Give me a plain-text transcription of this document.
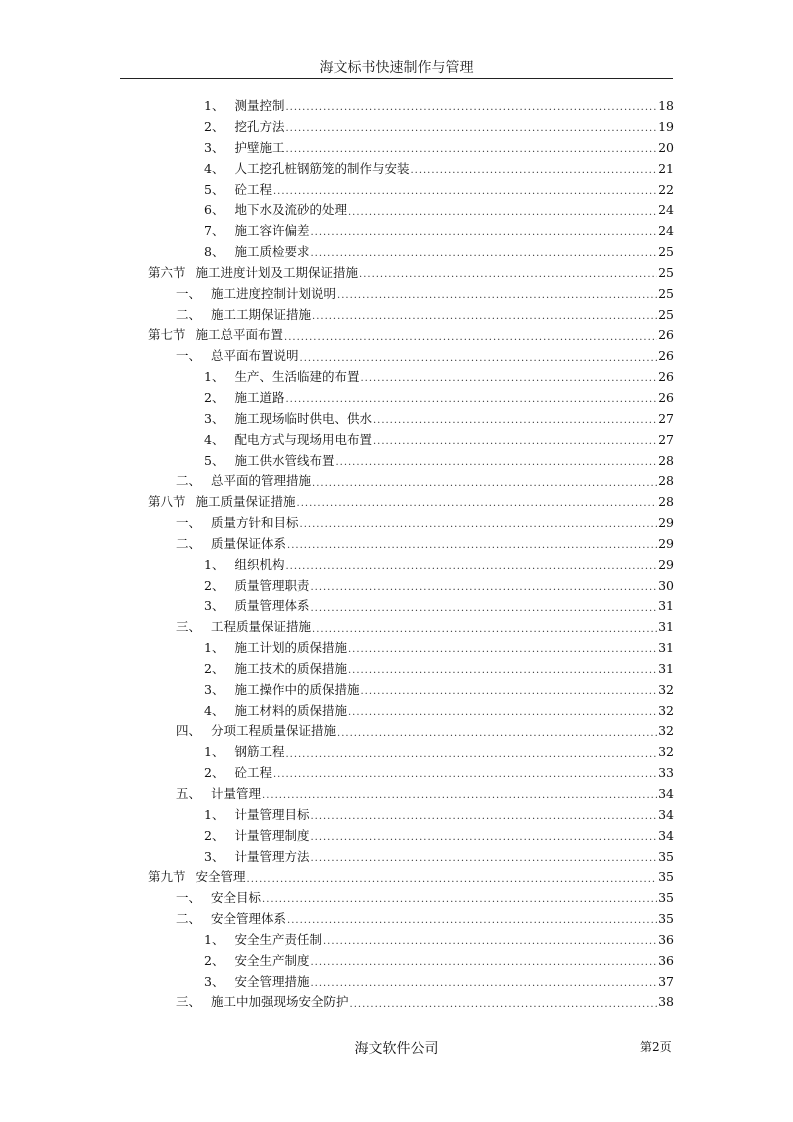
海文标书快速制作与管理
1、 测量控制 .....	18
2、 挖孔方法 .....	19
3、 护壁施工 .....	20
4、 人工挖孔桩钢筋笼的制作与安装 .....	21
5、 砼工程 .....	22
6、 地下水及流砂的处理 .....	24
7、 施工容许偏差 .....	24
8、 施工质检要求 .....	25
第六节 施工进度计划及工期保证措施 .....	25
一、 施工进度控制计划说明 .....	25
二、 施工工期保证措施 .....	25
第七节 施工总平面布置 .....	26
一、 总平面布置说明 .....	26
1、 生产、生活临建的布置 .....	26
2、 施工道路 .....	26
3、 施工现场临时供电、供水 .....	27
4、 配电方式与现场用电布置 .....	27
5、 施工供水管线布置 .....	28
二、 总平面的管理措施 .....	28
第八节 施工质量保证措施 .....	28
一、 质量方针和目标 .....	29
二、 质量保证体系 .....	29
1、 组织机构 .....	29
2、 质量管理职责 .....	30
3、 质量管理体系 .....	31
三、 工程质量保证措施 .....	31
1、 施工计划的质保措施 .....	31
2、 施工技术的质保措施 .....	31
3、 施工操作中的质保措施 .....	32
4、 施工材料的质保措施 .....	32
四、 分项工程质量保证措施 .....	32
1、 钢筋工程 .....	32
2、 砼工程 .....	33
五、 计量管理 .....	34
1、 计量管理目标 .....	34
2、 计量管理制度 .....	34
3、 计量管理方法 .....	35
第九节 安全管理 .....	35
一、 安全目标 .....	35
二、 安全管理体系 .....	35
1、 安全生产责任制 .....	36
2、 安全生产制度 .....	36
3、 安全管理措施 .....	37
三、 施工中加强现场安全防护 .....	38
海文软件公司	第2页
